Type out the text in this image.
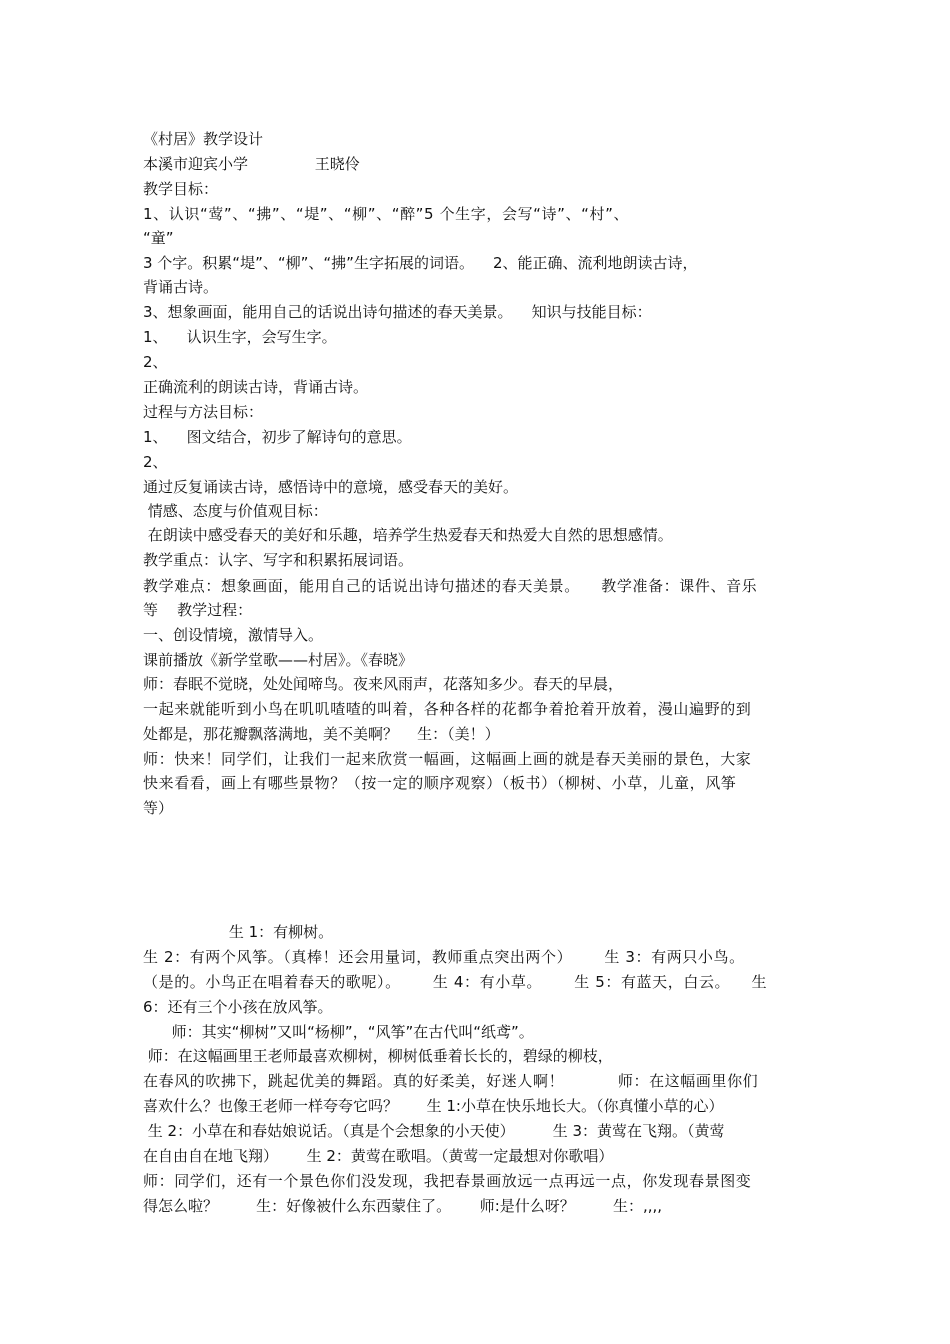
《村居》教学设计
本溪市迎宾小学              王晓伶
教学目标：
1、认识“莺”、“拂”、“堤”、“柳”、“醉”5 个生字，会写“诗”、“村”、
“童”
3 个字。积累“堤”、“柳”、“拂”生字拓展的词语。    2、能正确、流利地朗读古诗，
背诵古诗。
3、想象画面，能用自己的话说出诗句描述的春天美景。    知识与技能目标：
1、    认识生字，会写生字。
2、
正确流利的朗读古诗，背诵古诗。
过程与方法目标：
1、    图文结合，初步了解诗句的意思。
2、
通过反复诵读古诗，感悟诗中的意境，感受春天的美好。
情感、态度与价值观目标：
在朗读中感受春天的美好和乐趣，培养学生热爱春天和热爱大自然的思想感情。
教学重点：认字、写字和积累拓展词语。
教学难点：想象画面，能用自己的话说出诗句描述的春天美景。    教学准备：课件、音乐
等    教学过程：
一、创设情境，激情导入。
课前播放《新学堂歌——村居》。《春晓》
师：春眠不觉晓，处处闻啼鸟。夜来风雨声，花落知多少。春天的早晨，
一起来就能听到小鸟在叽叽喳喳的叫着，各种各样的花都争着抢着开放着，漫山遍野的到
处都是，那花瓣飘落满地，美不美啊？    生：（美！）
师：快来！同学们，让我们一起来欣赏一幅画，这幅画上画的就是春天美丽的景色，大家
快来看看，画上有哪些景物？（按一定的顺序观察）（板书）（柳树、小草，儿童，风筝
等）
生 1：有柳树。
生 2：有两个风筝。（真棒！还会用量词，教师重点突出两个）      生 3：有两只小鸟。
（是的。小鸟正在唱着春天的歌呢）。      生 4：有小草。      生 5：有蓝天，白云。    生
6：还有三个小孩在放风筝。
师：其实“柳树”又叫“杨柳”，“风筝”在古代叫“纸鸢”。
师：在这幅画里王老师最喜欢柳树，柳树低垂着长长的，碧绿的柳枝，
在春风的吹拂下，跳起优美的舞蹈。真的好柔美，好迷人啊！          师：在这幅画里你们
喜欢什么？也像王老师一样夸夸它吗？      生 1:小草在快乐地长大。（你真懂小草的心）
生 2：小草在和春姑娘说话。（真是个会想象的小天使）        生 3：黄莺在飞翔。（黄莺
在自由自在地飞翔）      生 2：黄莺在歌唱。（黄莺一定最想对你歌唱）
师：同学们，还有一个景色你们没发现，我把春景画放远一点再远一点，你发现春景图变
得怎么啦？        生：好像被什么东西蒙住了。      师:是什么呀？        生：,,,,
